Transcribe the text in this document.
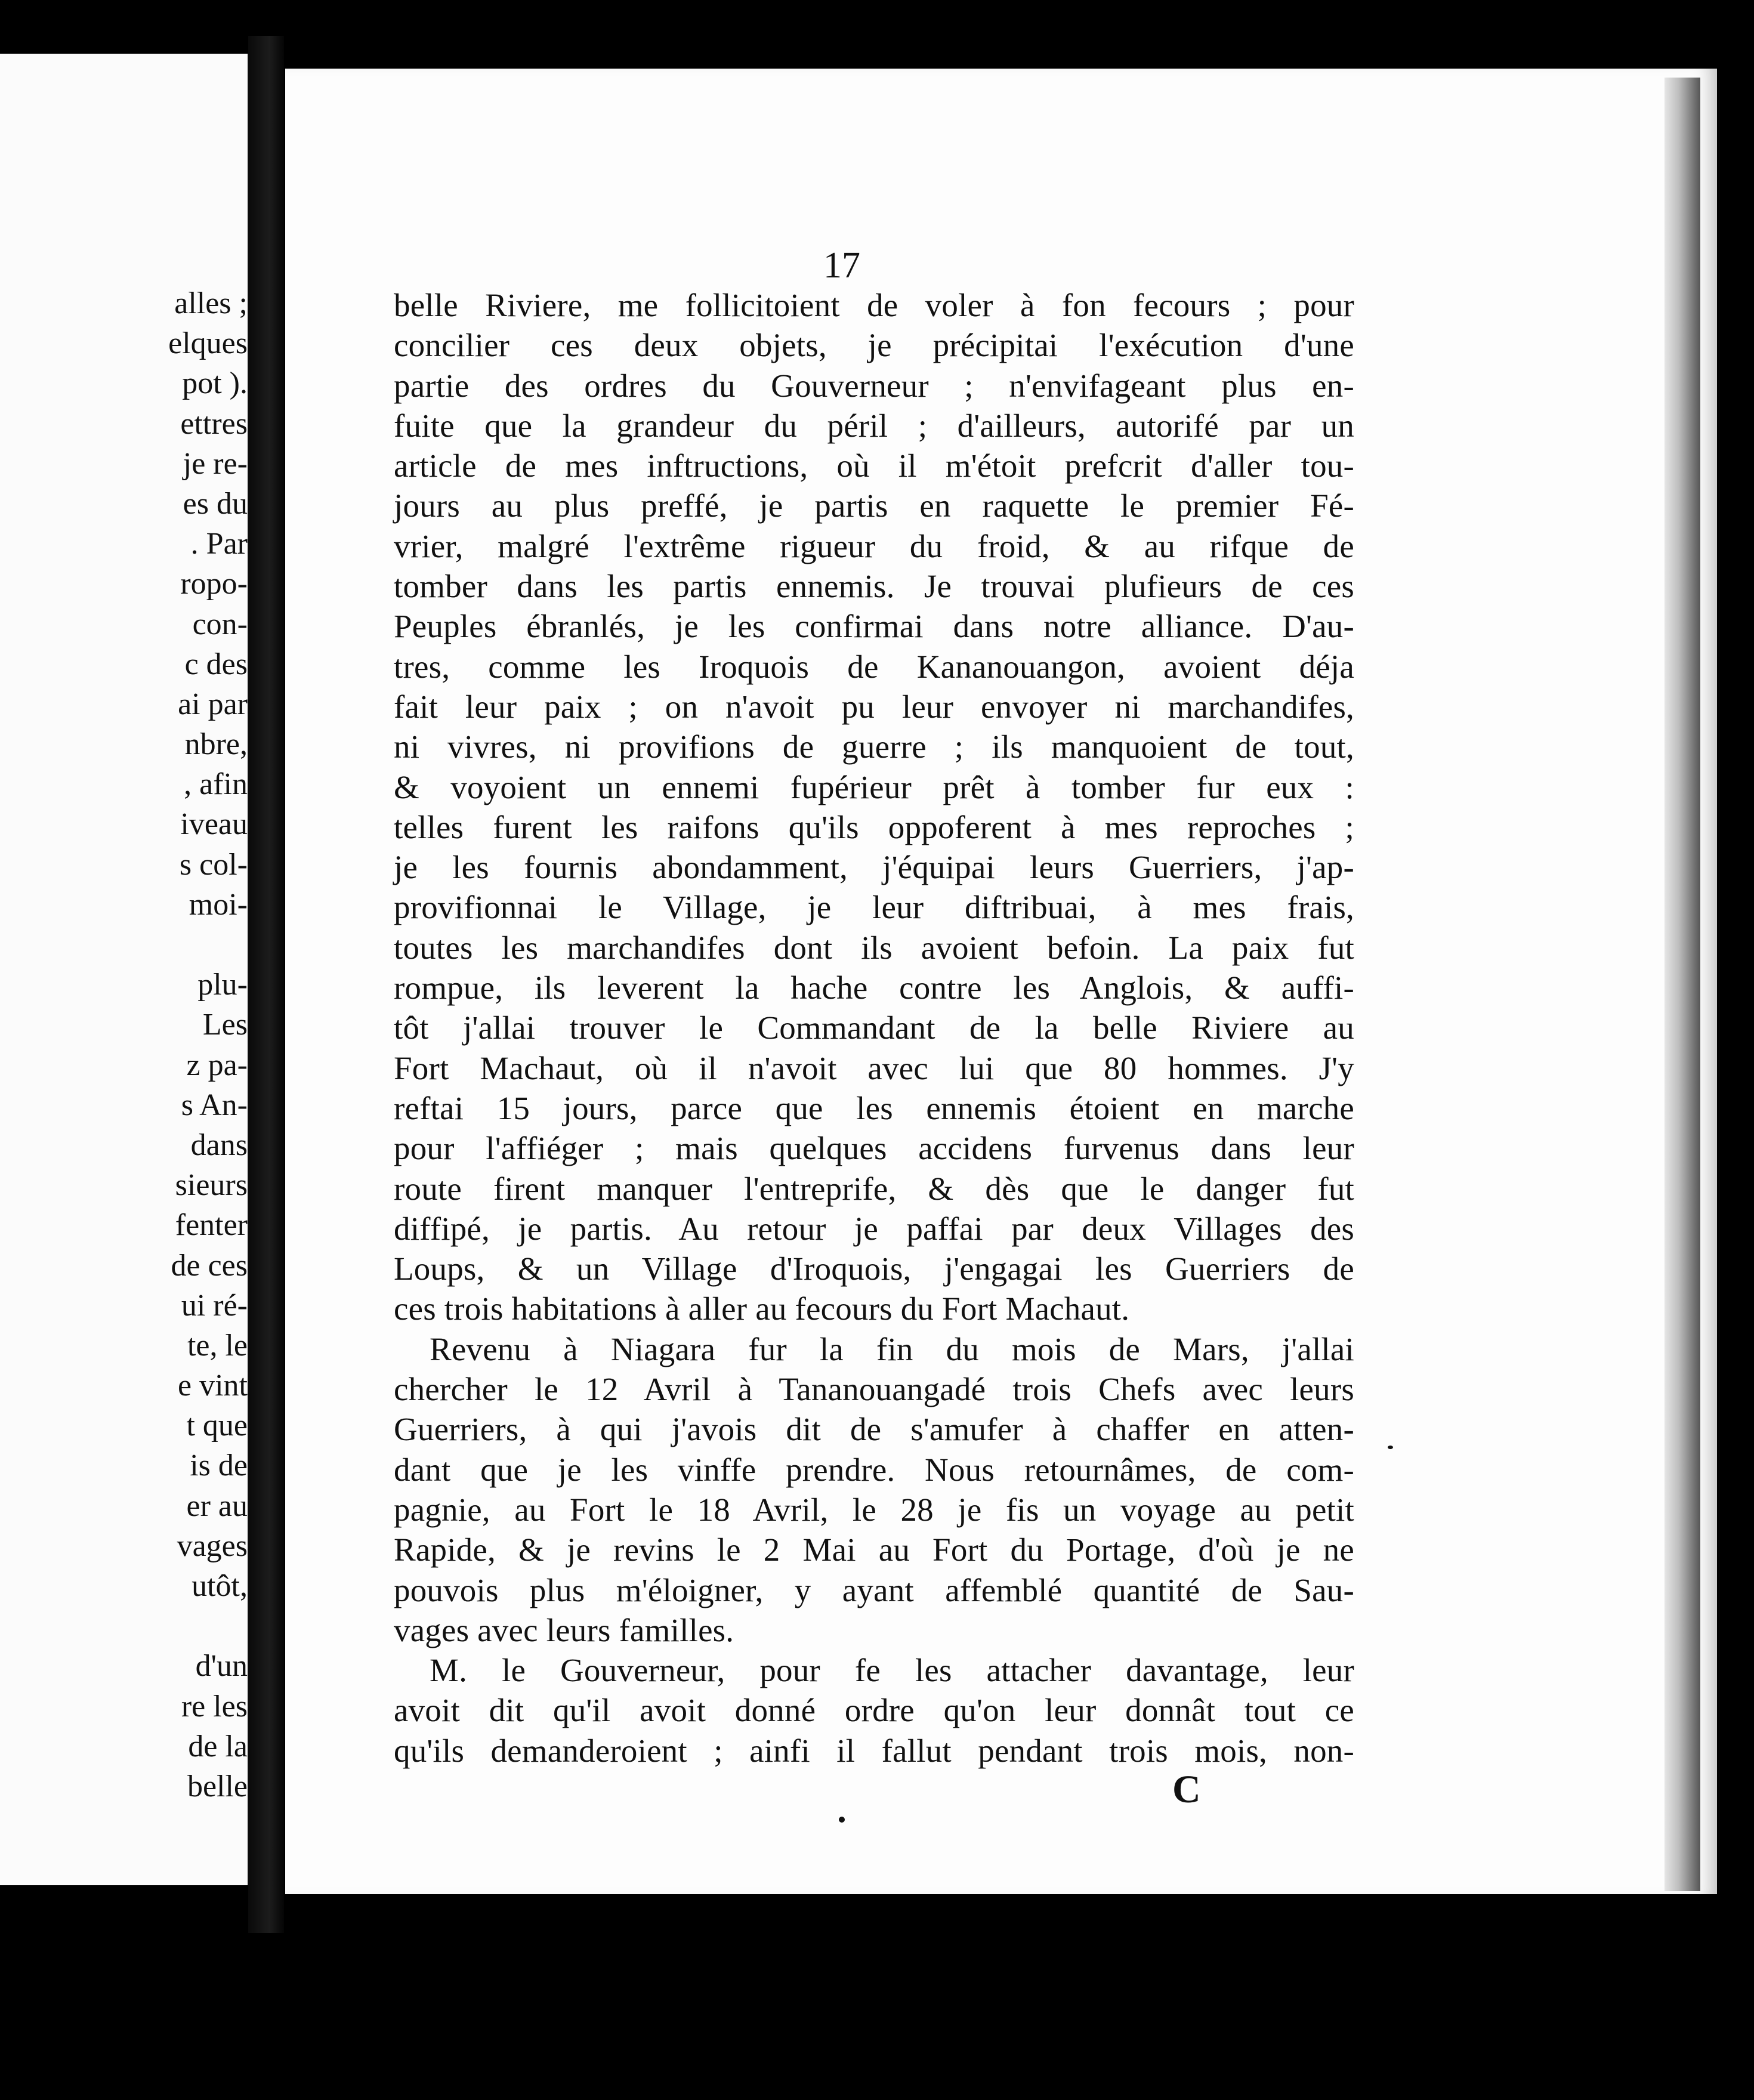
alles ;
elques
pot ).
ettres
je re-
es du
. Par
ropo-
con-
c des
ai par
nbre,
, afin
iveau
s col-
moi-
plu-
Les
z pa-
s An-
dans
sieurs
fenter
de ces
ui ré-
te, le
e vint
t que
is de
er au
vages
utôt,
d'un
re les
de la
belle

17

belle Riviere, me follicitoient de voler à fon fecours ; pour
concilier ces deux objets, je précipitai l'exécution d'une
partie des ordres du Gouverneur ; n'envifageant plus en-
fuite que la grandeur du péril ; d'ailleurs, autorifé par un
article de mes inftructions, où il m'étoit prefcrit d'aller tou-
jours au plus preffé, je partis en raquette le premier Fé-
vrier, malgré l'extrême rigueur du froid, & au rifque de
tomber dans les partis ennemis. Je trouvai plufieurs de ces
Peuples ébranlés, je les confirmai dans notre alliance. D'au-
tres, comme les Iroquois de Kananouangon, avoient déja
fait leur paix ; on n'avoit pu leur envoyer ni marchandifes,
ni vivres, ni provifions de guerre ; ils manquoient de tout,
& voyoient un ennemi fupérieur prêt à tomber fur eux :
telles furent les raifons qu'ils oppoferent à mes reproches ;
je les fournis abondamment, j'équipai leurs Guerriers, j'ap-
provifionnai le Village, je leur diftribuai, à mes frais,
toutes les marchandifes dont ils avoient befoin. La paix fut
rompue, ils leverent la hache contre les Anglois, & auffi-
tôt j'allai trouver le Commandant de la belle Riviere au
Fort Machaut, où il n'avoit avec lui que 80 hommes. J'y
reftai 15 jours, parce que les ennemis étoient en marche
pour l'affiéger ; mais quelques accidens furvenus dans leur
route firent manquer l'entreprife, & dès que le danger fut
diffipé, je partis. Au retour je paffai par deux Villages des
Loups, & un Village d'Iroquois, j'engagai les Guerriers de
ces trois habitations à aller au fecours du Fort Machaut.
Revenu à Niagara fur la fin du mois de Mars, j'allai
chercher le 12 Avril à Tananouangadé trois Chefs avec leurs
Guerriers, à qui j'avois dit de s'amufer à chaffer en atten-
dant que je les vinffe prendre. Nous retournâmes, de com-
pagnie, au Fort le 18 Avril, le 28 je fis un voyage au petit
Rapide, & je revins le 2 Mai au Fort du Portage, d'où je ne
pouvois plus m'éloigner, y ayant affemblé quantité de Sau-
vages avec leurs familles.
M. le Gouverneur, pour fe les attacher davantage, leur
avoit dit qu'il avoit donné ordre qu'on leur donnât tout ce
qu'ils demanderoient ; ainfi il fallut pendant trois mois, non-

C
